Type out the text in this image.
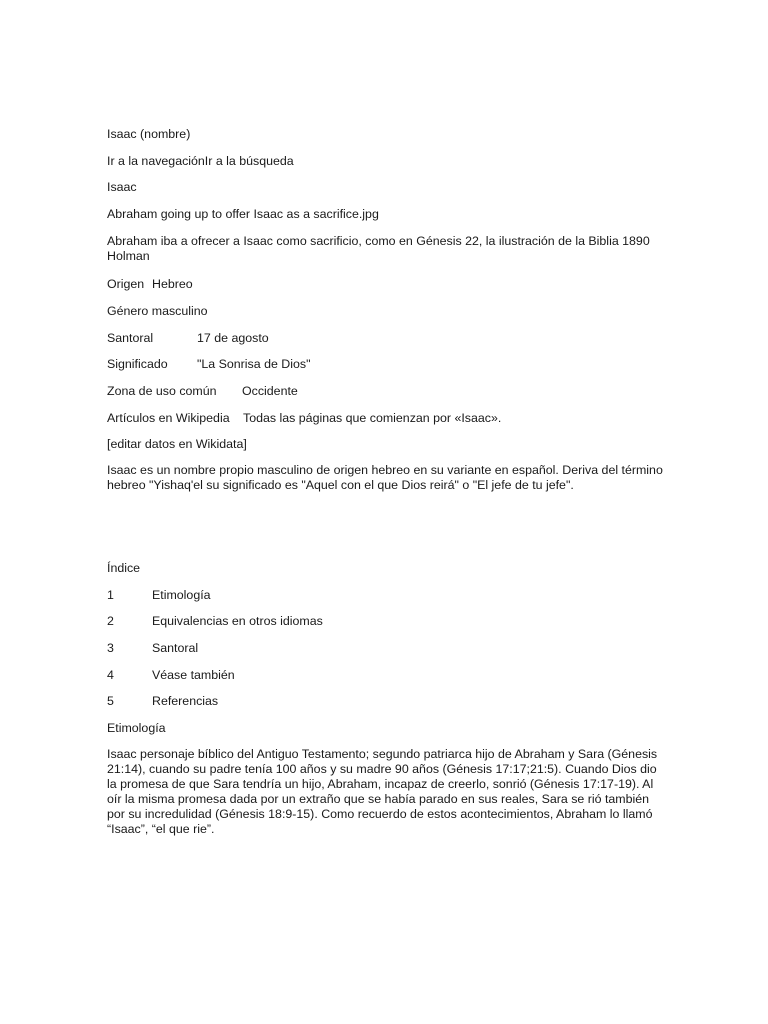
Isaac (nombre)
Ir a la navegaciónIr a la búsqueda
Isaac
Abraham going up to offer Isaac as a sacrifice.jpg
Abraham iba a ofrecer a Isaac como sacrificio, como en Génesis 22, la ilustración de la Biblia 1890 Holman
Origen Hebreo
Género masculino
Santoral	17 de agosto
Significado "La Sonrisa de Dios"
Zona de uso común Occidente
Artículos en Wikipedia Todas las páginas que comienzan por «Isaac».
[editar datos en Wikidata]
Isaac es un nombre propio masculino de origen hebreo en su variante en español. Deriva del término hebreo "Yishaq'el su significado es "Aquel con el que Dios reirá" o "El jefe de tu jefe".
Índice
1	Etimología
2	Equivalencias en otros idiomas
3	Santoral
4	Véase también
5	Referencias
Etimología
Isaac personaje bíblico del Antiguo Testamento; segundo patriarca hijo de Abraham y Sara (Génesis 21:14), cuando su padre tenía 100 años y su madre 90 años (Génesis 17:17;21:5). Cuando Dios dio la promesa de que Sara tendría un hijo, Abraham, incapaz de creerlo, sonrió (Génesis 17:17-19). Al oír la misma promesa dada por un extraño que se había parado en sus reales, Sara se rió también por su incredulidad (Génesis 18:9-15). Como recuerdo de estos acontecimientos, Abraham lo llamó “Isaac”, “el que rie”.
